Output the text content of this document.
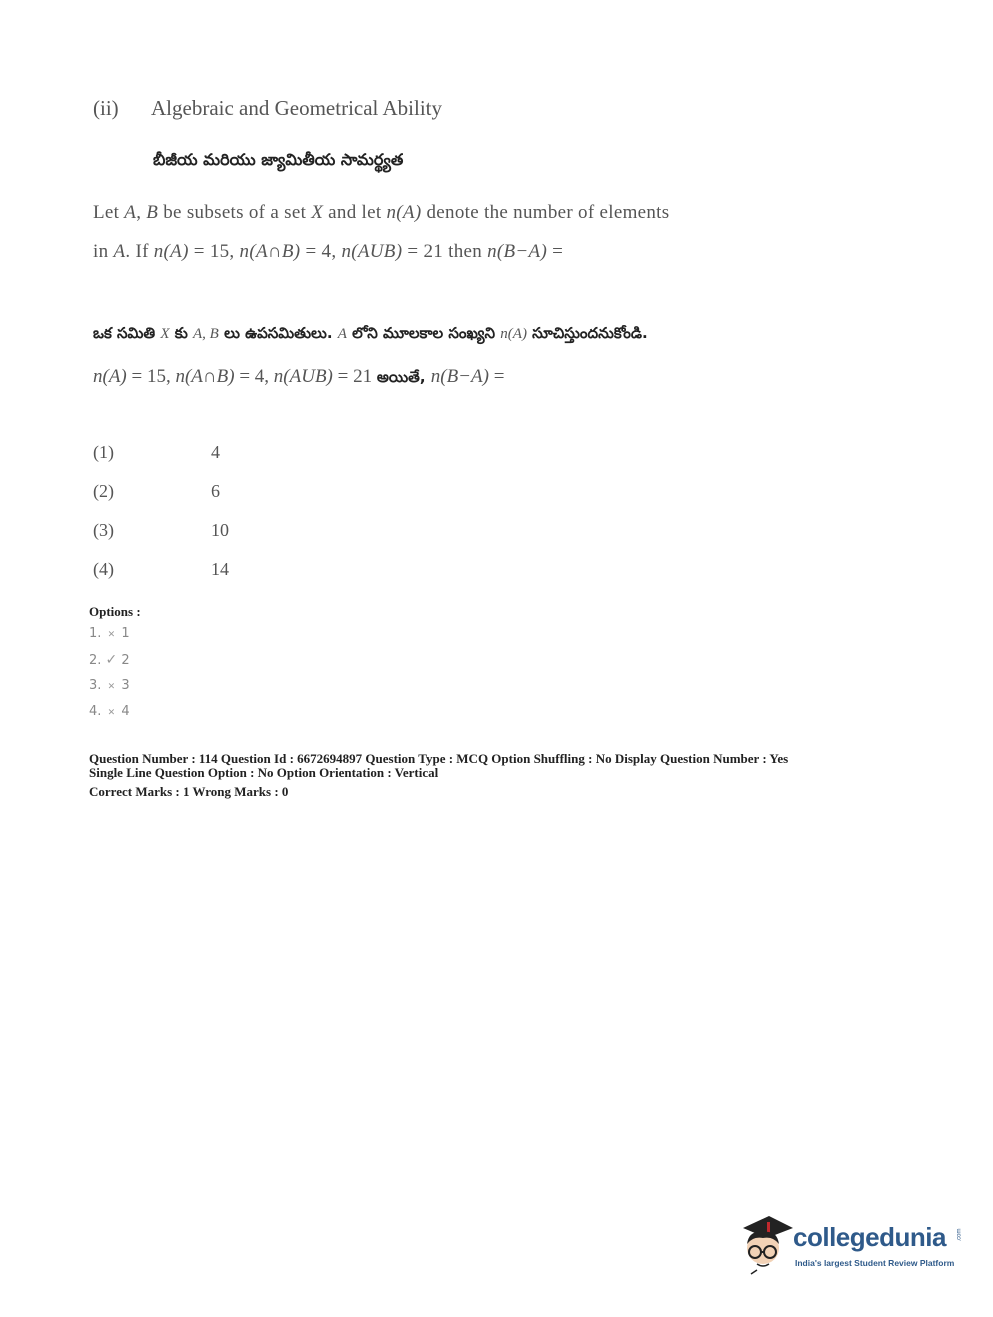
(ii) Algebraic and Geometrical Ability
బీజీయ మరియు జ్యామితీయ సామర్థ్యత
Let A, B be subsets of a set X and let n(A) denote the number of elements
in A. If n(A) = 15, n(A∩B) = 4, n(AUB) = 21 then n(B−A) =
ఒక సమితి X కు A, B లు ఉపసమితులు. A లోని మూలకాల సంఖ్యని n(A) సూచిస్తుందనుకోండి.
n(A) = 15, n(A∩B) = 4, n(AUB) = 21 అయితే, n(B−A) =
(1)	4
(2)	6
(3)	10
(4)	14
Options :
1. ✕ 1
2. ✓ 2
3. ✕ 3
4. ✕ 4
Question Number : 114 Question Id : 6672694897 Question Type : MCQ Option Shuffling : No Display Question Number : Yes
Single Line Question Option : No Option Orientation : Vertical
Correct Marks : 1 Wrong Marks : 0
collegedunia .com
India's largest Student Review Platform
